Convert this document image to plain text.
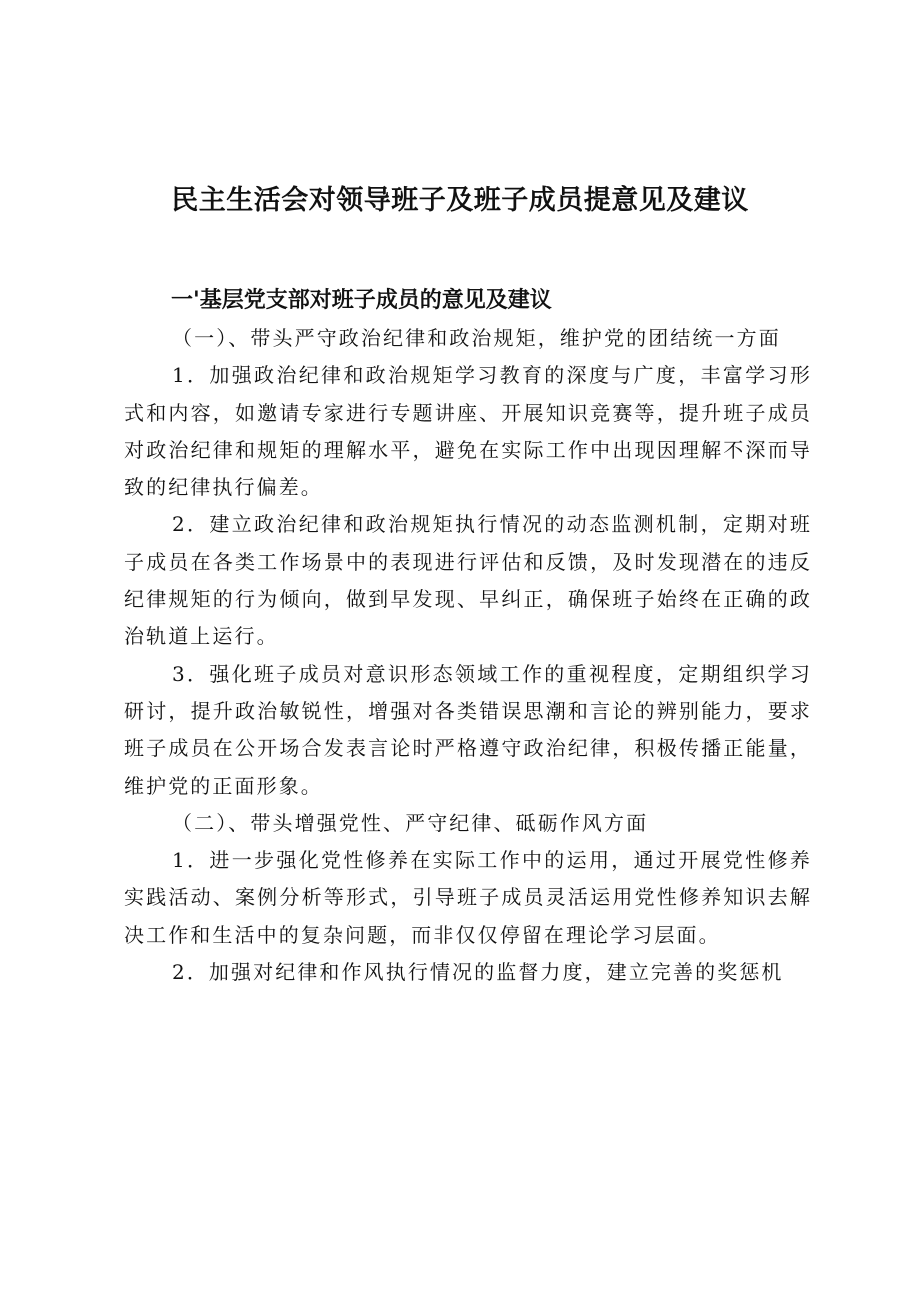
民主生活会对领导班子及班子成员提意见及建议
一'基层党支部对班子成员的意见及建议

（一）、带头严守政治纪律和政治规矩，维护党的团结统一方面

1．加强政治纪律和政治规矩学习教育的深度与广度，丰富学习形式和内容，如邀请专家进行专题讲座、开展知识竞赛等，提升班子成员对政治纪律和规矩的理解水平，避免在实际工作中出现因理解不深而导致的纪律执行偏差。

2．建立政治纪律和政治规矩执行情况的动态监测机制，定期对班子成员在各类工作场景中的表现进行评估和反馈，及时发现潜在的违反纪律规矩的行为倾向，做到早发现、早纠正，确保班子始终在正确的政治轨道上运行。

3．强化班子成员对意识形态领域工作的重视程度，定期组织学习研讨，提升政治敏锐性，增强对各类错误思潮和言论的辨别能力，要求班子成员在公开场合发表言论时严格遵守政治纪律，积极传播正能量，维护党的正面形象。

（二）、带头增强党性、严守纪律、砥砺作风方面

1．进一步强化党性修养在实际工作中的运用，通过开展党性修养实践活动、案例分析等形式，引导班子成员灵活运用党性修养知识去解决工作和生活中的复杂问题，而非仅仅停留在理论学习层面。

2．加强对纪律和作风执行情况的监督力度，建立完善的奖惩机
